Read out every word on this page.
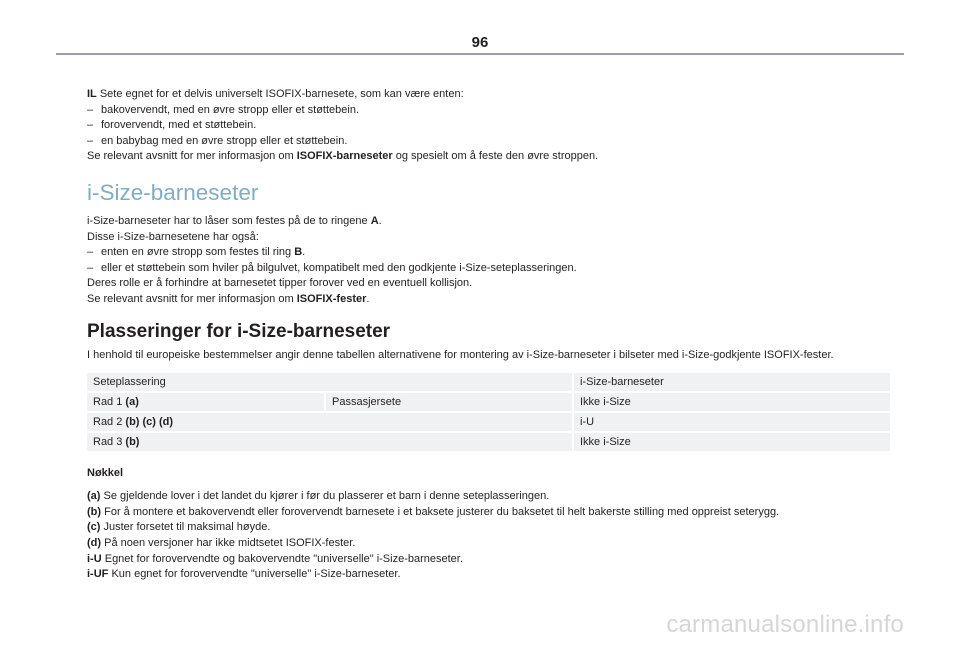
96
IL Sete egnet for et delvis universelt ISOFIX-barnesete, som kan være enten:
– bakovervendt, med en øvre stropp eller et støttebein.
– forovervendt, med et støttebein.
– en babybag med en øvre stropp eller et støttebein.
Se relevant avsnitt for mer informasjon om ISOFIX-barneseter og spesielt om å feste den øvre stroppen.
i-Size-barneseter
i-Size-barneseter har to låser som festes på de to ringene A.
Disse i-Size-barnesetene har også:
– enten en øvre stropp som festes til ring B.
– eller et støttebein som hviler på bilgulvet, kompatibelt med den godkjente i-Size-seteplasseringen.
Deres rolle er å forhindre at barnesetet tipper forover ved en eventuell kollisjon.
Se relevant avsnitt for mer informasjon om ISOFIX-fester.
Plasseringer for i-Size-barneseter
I henhold til europeiske bestemmelser angir denne tabellen alternativene for montering av i-Size-barneseter i bilseter med i-Size-godkjente ISOFIX-fester.
Seteplassering		i-Size-barneseter
Rad 1 (a)	Passasjersete	Ikke i-Size
Rad 2 (b) (c) (d)		i-U
Rad 3 (b)		Ikke i-Size
Nøkkel
(a) Se gjeldende lover i det landet du kjører i før du plasserer et barn i denne seteplasseringen.
(b) For å montere et bakovervendt eller forovervendt barnesete i et baksete justerer du baksetet til helt bakerste stilling med oppreist seterygg.
(c) Juster forsetet til maksimal høyde.
(d) På noen versjoner har ikke midtsetet ISOFIX-fester.
i-U Egnet for forovervendte og bakovervendte "universelle" i-Size-barneseter.
i-UF Kun egnet for forovervendte "universelle" i-Size-barneseter.
carmanualsonline.info
